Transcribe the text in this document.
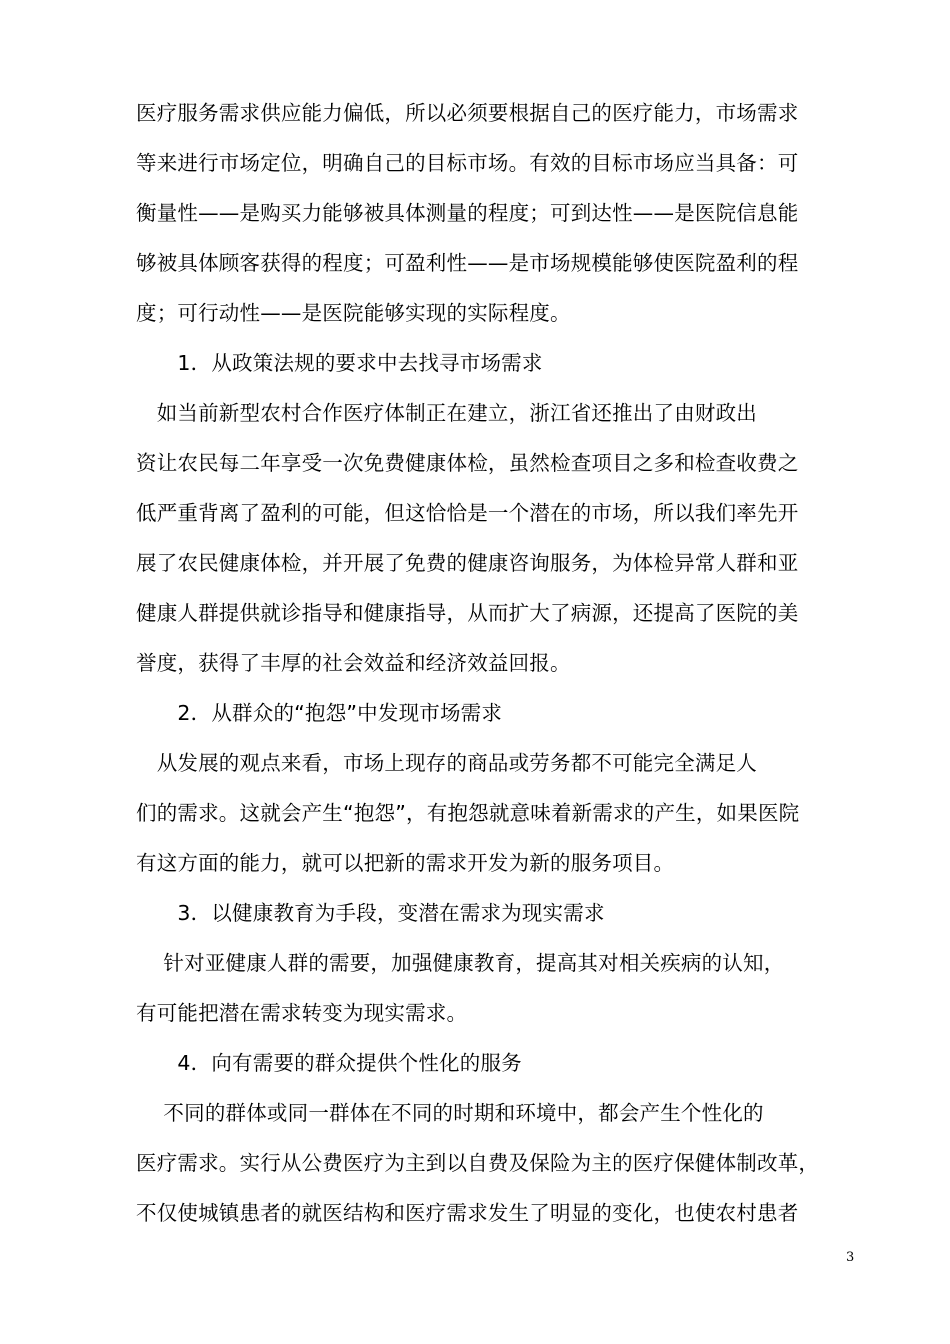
医疗服务需求供应能力偏低，所以必须要根据自己的医疗能力，市场需求
等来进行市场定位，明确自己的目标市场。有效的目标市场应当具备：可
衡量性——是购买力能够被具体测量的程度；可到达性——是医院信息能
够被具体顾客获得的程度；可盈利性——是市场规模能够使医院盈利的程
度；可行动性——是医院能够实现的实际程度。
　　1．从政策法规的要求中去找寻市场需求
　如当前新型农村合作医疗体制正在建立，浙江省还推出了由财政出
资让农民每二年享受一次免费健康体检，虽然检查项目之多和检查收费之
低严重背离了盈利的可能，但这恰恰是一个潜在的市场，所以我们率先开
展了农民健康体检，并开展了免费的健康咨询服务，为体检异常人群和亚
健康人群提供就诊指导和健康指导，从而扩大了病源，还提高了医院的美
誉度，获得了丰厚的社会效益和经济效益回报。
　　2．从群众的“抱怨”中发现市场需求
　从发展的观点来看，市场上现存的商品或劳务都不可能完全满足人
们的需求。这就会产生“抱怨”，有抱怨就意味着新需求的产生，如果医院
有这方面的能力，就可以把新的需求开发为新的服务项目。
　　3．以健康教育为手段，变潜在需求为现实需求
　 针对亚健康人群的需要，加强健康教育，提高其对相关疾病的认知，
有可能把潜在需求转变为现实需求。
　　4．向有需要的群众提供个性化的服务
　 不同的群体或同一群体在不同的时期和环境中，都会产生个性化的
医疗需求。实行从公费医疗为主到以自费及保险为主的医疗保健体制改革，
不仅使城镇患者的就医结构和医疗需求发生了明显的变化，也使农村患者
3
